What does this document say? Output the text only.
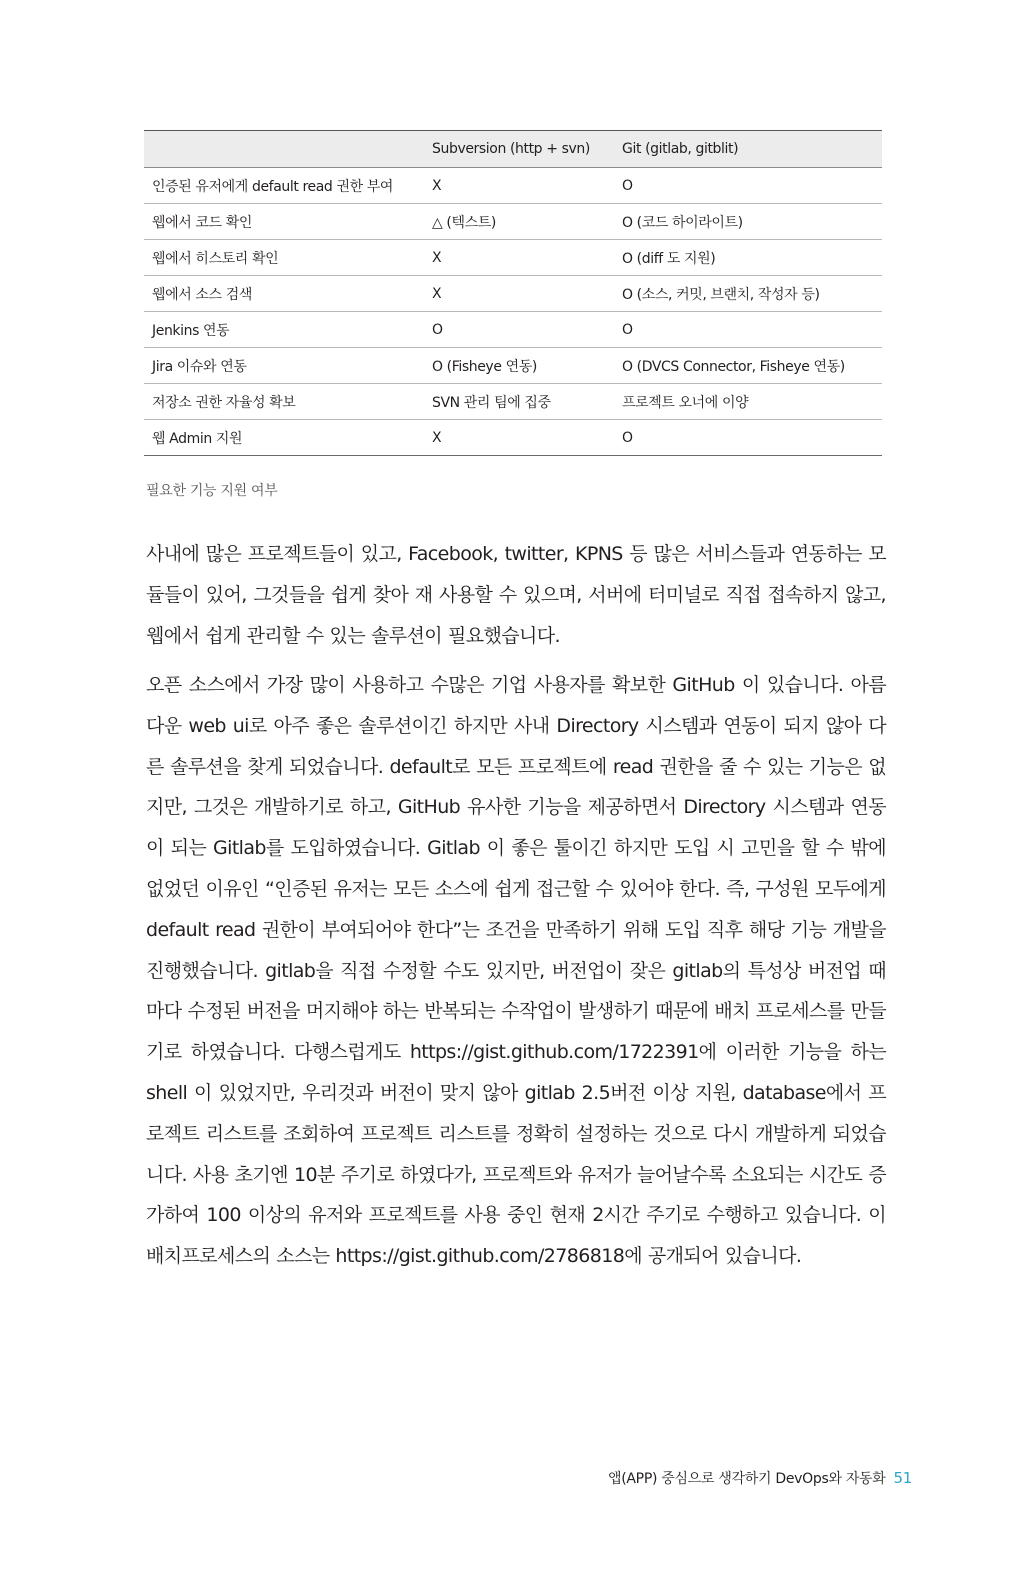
	Subversion (http + svn)	Git (gitlab, gitblit)
인증된 유저에게 default read 권한 부여	X	O
웹에서 코드 확인	△ (텍스트)	O (코드 하이라이트)
웹에서 히스토리 확인	X	O (diff 도 지원)
웹에서 소스 검색	X	O (소스, 커밋, 브랜치, 작성자 등)
Jenkins 연동	O	O
Jira 이슈와 연동	O (Fisheye 연동)	O (DVCS Connector, Fisheye 연동)
저장소 권한 자율성 확보	SVN 관리 팀에 집중	프로젝트 오너에 이양
웹 Admin 지원	X	O
필요한 기능 지원 여부

사내에 많은 프로젝트들이 있고, Facebook, twitter, KPNS 등 많은 서비스들과 연동하는 모듈들이 있어, 그것들을 쉽게 찾아 재 사용할 수 있으며, 서버에 터미널로 직접 접속하지 않고, 웹에서 쉽게 관리할 수 있는 솔루션이 필요했습니다.

오픈 소스에서 가장 많이 사용하고 수많은 기업 사용자를 확보한 GitHub 이 있습니다. 아름다운 web ui로 아주 좋은 솔루션이긴 하지만 사내 Directory 시스템과 연동이 되지 않아 다른 솔루션을 찾게 되었습니다. default로 모든 프로젝트에 read 권한을 줄 수 있는 기능은 없지만, 그것은 개발하기로 하고, GitHub 유사한 기능을 제공하면서 Directory 시스템과 연동이 되는 Gitlab를 도입하였습니다. Gitlab 이 좋은 툴이긴 하지만 도입 시 고민을 할 수 밖에 없었던 이유인 “인증된 유저는 모든 소스에 쉽게 접근할 수 있어야 한다. 즉, 구성원 모두에게 default read 권한이 부여되어야 한다”는 조건을 만족하기 위해 도입 직후 해당 기능 개발을 진행했습니다. gitlab을 직접 수정할 수도 있지만, 버전업이 잦은 gitlab의 특성상 버전업 때마다 수정된 버전을 머지해야 하는 반복되는 수작업이 발생하기 때문에 배치 프로세스를 만들기로 하였습니다. 다행스럽게도 https://gist.github.com/1722391에 이러한 기능을 하는 shell 이 있었지만, 우리것과 버전이 맞지 않아 gitlab 2.5버전 이상 지원, database에서 프로젝트 리스트를 조회하여 프로젝트 리스트를 정확히 설정하는 것으로 다시 개발하게 되었습니다. 사용 초기엔 10분 주기로 하였다가, 프로젝트와 유저가 늘어날수록 소요되는 시간도 증가하여 100 이상의 유저와 프로젝트를 사용 중인 현재 2시간 주기로 수행하고 있습니다. 이 배치프로세스의 소스는 https://gist.github.com/2786818에 공개되어 있습니다.

앱(APP) 중심으로 생각하기 DevOps와 자동화 51
